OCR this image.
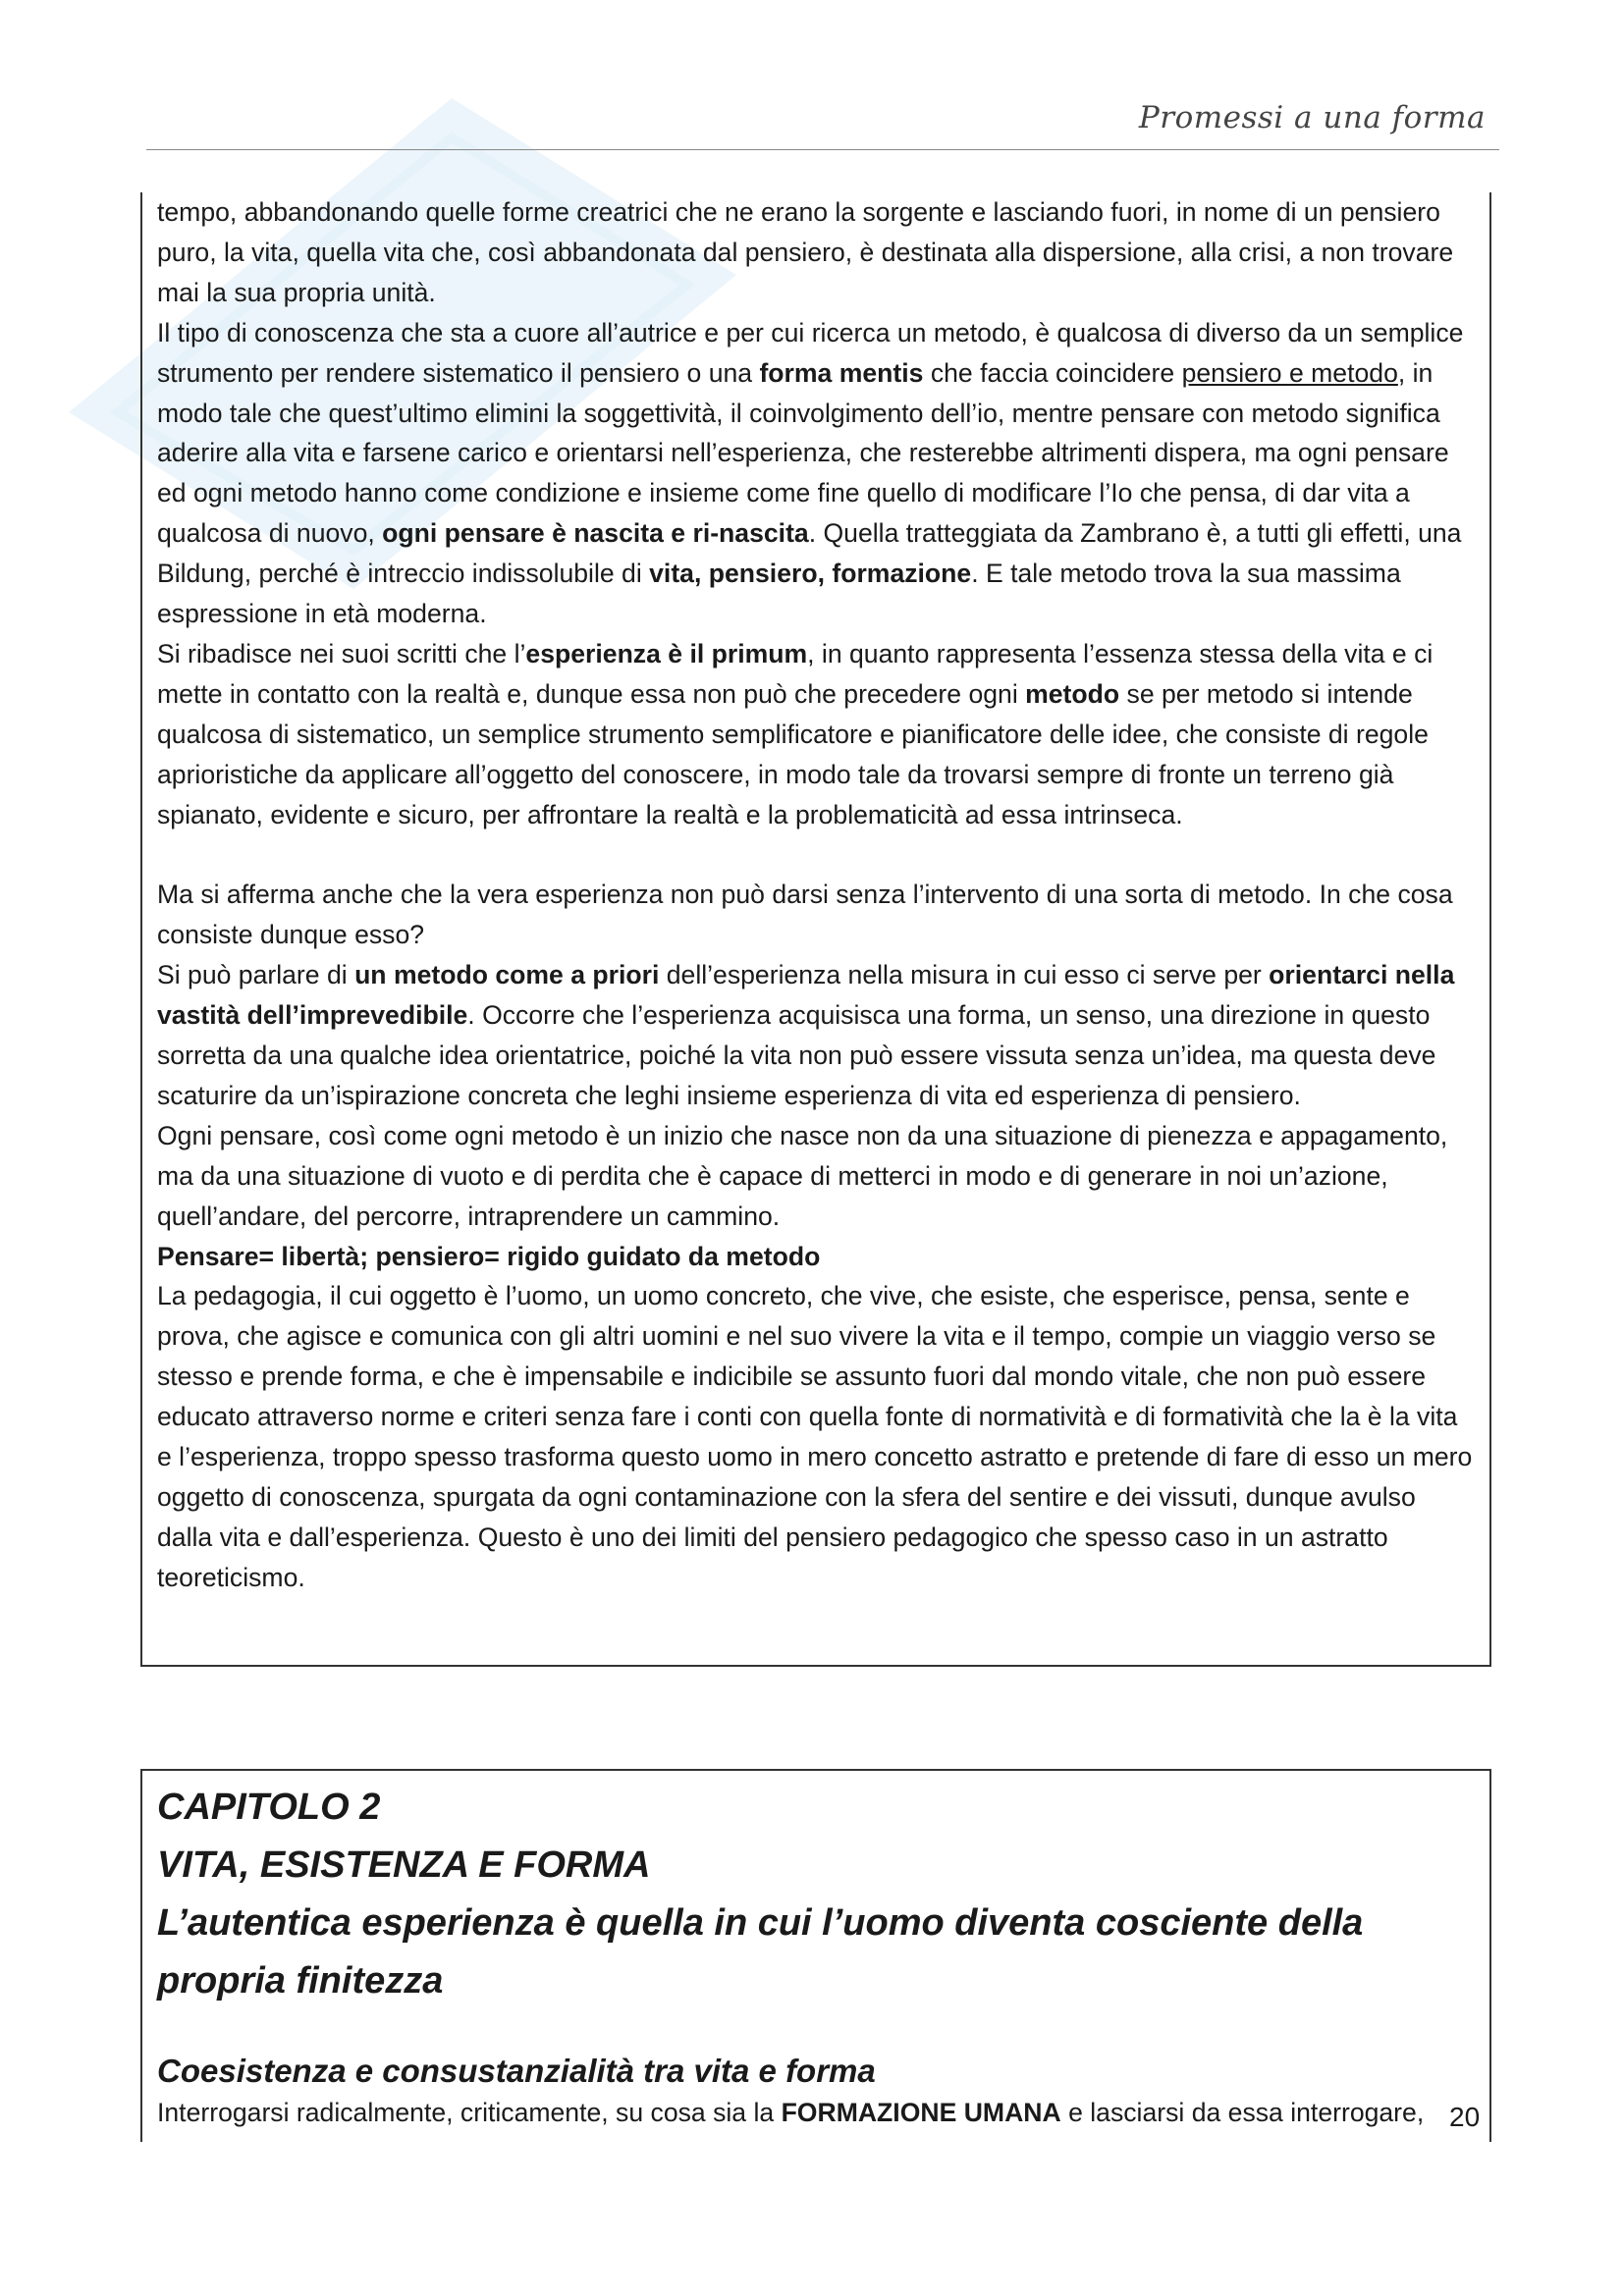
Promessi a una forma

tempo, abbandonando quelle forme creatrici che ne erano la sorgente e lasciando fuori, in nome di un pensiero puro, la vita, quella vita che, così abbandonata dal pensiero, è destinata alla dispersione, alla crisi, a non trovare mai la sua propria unità.

Il tipo di conoscenza che sta a cuore all’autrice e per cui ricerca un metodo, è qualcosa di diverso da un semplice strumento per rendere sistematico il pensiero o una forma mentis che faccia coincidere pensiero e metodo, in modo tale che quest’ultimo elimini la soggettività, il coinvolgimento dell’io, mentre pensare con metodo significa aderire alla vita e farsene carico e orientarsi nell’esperienza, che resterebbe altrimenti dispera, ma ogni pensare ed ogni metodo hanno come condizione e insieme come fine quello di modificare l’Io che pensa, di dar vita a qualcosa di nuovo, ogni pensare è nascita e ri-nascita. Quella tratteggiata da Zambrano è, a tutti gli effetti, una Bildung, perché è intreccio indissolubile di vita, pensiero, formazione. E tale metodo trova la sua massima espressione in età moderna.

Si ribadisce nei suoi scritti che l’esperienza è il primum, in quanto rappresenta l’essenza stessa della vita e ci mette in contatto con la realtà e, dunque essa non può che precedere ogni metodo se per metodo si intende qualcosa di sistematico, un semplice strumento semplificatore e pianificatore delle idee, che consiste di regole aprioristiche da applicare all’oggetto del conoscere, in modo tale da trovarsi sempre di fronte un terreno già spianato, evidente e sicuro, per affrontare la realtà e la problematicità ad essa intrinseca.

Ma si afferma anche che la vera esperienza non può darsi senza l’intervento di una sorta di metodo. In che cosa consiste dunque esso?

Si può parlare di un metodo come a priori dell’esperienza nella misura in cui esso ci serve per orientarci nella vastità dell’imprevedibile. Occorre che l’esperienza acquisisca una forma, un senso, una direzione in questo sorretta da una qualche idea orientatrice, poiché la vita non può essere vissuta senza un’idea, ma questa deve scaturire da un’ispirazione concreta che leghi insieme esperienza di vita ed esperienza di pensiero.

Ogni pensare, così come ogni metodo è un inizio che nasce non da una situazione di pienezza e appagamento, ma da una situazione di vuoto e di perdita che è capace di metterci in modo e di generare in noi un’azione, quell’andare, del percorre, intraprendere un cammino.

Pensare= libertà; pensiero= rigido guidato da metodo

La pedagogia, il cui oggetto è l’uomo, un uomo concreto, che vive, che esiste, che esperisce, pensa, sente e prova, che agisce e comunica con gli altri uomini e nel suo vivere la vita e il tempo, compie un viaggio verso se stesso e prende forma, e che è impensabile e indicibile se assunto fuori dal mondo vitale, che non può essere educato attraverso norme e criteri senza fare i conti con quella fonte di normatività e di formatività che la è la vita e l’esperienza, troppo spesso trasforma questo uomo in mero concetto astratto e pretende di fare di esso un mero oggetto di conoscenza, spurgata da ogni contaminazione con la sfera del sentire e dei vissuti, dunque avulso dalla vita e dall’esperienza. Questo è uno dei limiti del pensiero pedagogico che spesso caso in un astratto teoreticismo.

CAPITOLO 2

VITA, ESISTENZA E FORMA

L’autentica esperienza è quella in cui l’uomo diventa cosciente della propria finitezza

Coesistenza e consustanzialità tra vita e forma

Interrogarsi radicalmente, criticamente, su cosa sia la FORMAZIONE UMANA e lasciarsi da essa interrogare, 20
